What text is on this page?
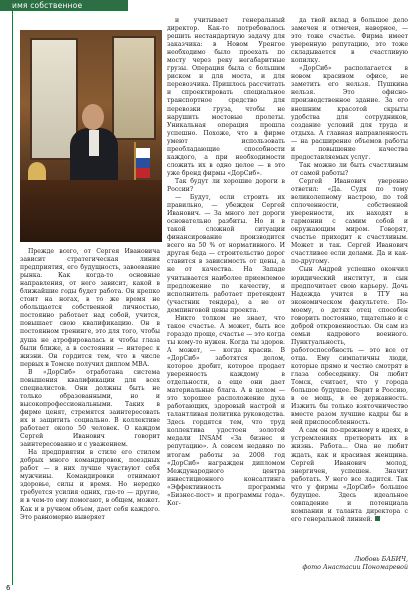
имя собственное

Прежде всего, от Сергея Ивановича зависит стратегическая линия предприятия, его будущность, завоевание рынка. Как когда-то основные направления, от него зависит, какой в ближайшие годы будет работа. Он крепко стоит на ногах, в то же время не обольщается собственной личностью, постоянно работает над собой, учится, повышает свою квалификацию. Он в постоянном тренинге, это для того, чтобы душа не атрофировалась и чтобы глаза были ближе, а в состоянии — интерес к жизни. Он гордится тем, что в числе первых в Томске получил диплом МВА.

В «ДорСиб» отработана система повышения квалификации для всех специалистов. Они должны быть не только образованными, но и высокопрофессиональными. Таких в фирме ценят, стремятся заинтересовать их и защитить социально. В коллективе работает около 50 человек. О каждом Сергей Иванович говорит заинтересованно и с уважением.

На предприятии в стиле его стилем добрых много командировок, поездных работ — в них лучше чувствуют себя мужчины. Командировки отнимают здоровье, силы и время. Но нередко требуется усилия одних, где-то — другие, и в чем-то ему помогают, в общем, может. Как и в ручном объем, дает себя каждого. Это равномерно выверяет

и учитывает генеральный директор. Как-то потребовалось решить нестандартную задачу для заказчика: в Новом Уренгое необходимо было проехать по мосту через реку негабаритные грузы. Операция была с большим риском и для моста, и для перевозчика. Пришлось рассчитать и спроектировать специальное транспортное средство для перевозки груза, чтобы не нарушить мостовые пролеты. Уникальная операция прошла успешно. Похоже, что в фирме умеют использовать преобладающие способности каждого, а при необходимости сложить их в одно целое — в это уже бренд фирмы «ДорСиб».

Так будут ли хорошие дороги в России?

— Будут, если строить их правильно, — убежден Сергей Иванович. — За много лет дороги основательно разбиты. Но и в такой сложной ситуации финансирование производится всего на 50 % от нормативного. И другая беда — строительство дорог ставится в зависимость от цены, а не от качества. На Западе учитывается наиболее приемлемое предложение по качеству, и исполнитель работает претендент (участник тендера), а не от демпинговой цены проекта.

Никто толком не знает, что такое счастье. А может, быть все гораздо проще, счастье — это когда ты кому-то нужен. Когда ты здоров. А может, — когда красив. В «ДорСиб» заботятся делом, которое дробит, которое продает уверенность каждому в отдельности, а еще они дает материальные блага. А в целом — это хорошее расположение духа работающих, здоровый настрой и талантливая политика руководства. Здесь гордятся тем, что труд коллектива удостоен золотой медали INSAM «За бизнес и репутацию». А совсем недавно по итогам работы за 2008 год «ДорСиб» награжден дипломом Международного центра инвестиционного консалтинга «Эффективность программы «Бизнес-пост» и программы года». Ког-

да твой вклад в большое дело замечен и отмечен, наверное, — это тоже счастье. Фирма имеет уверенную репутацию, это тоже складывается в счастливую копилку.

«ДорСиб» располагается в новом красивом офисе, не заметить его нельзя. Пушкина нельзя. Это офисно-производственное здание. За его внешним красотой скрыты удобства для сотрудников, создание условий для труда и отдыха. А главная направленность — на расширение объемов работы и повышение качества предоставляемых услуг.

Так можно ли быть счастливым от самой работы?

Сергей Иванович уверенно ответил: «Да. Судя по тому великолепному настрою, по той сплоченности, собственной уверенности, их находят в гармонии с самим собой и окружающим миром. Говорят, счастье приходит к счастливым. Может и так. Сергей Иванович счастливее если делами. Да и как-по-другому.

Сын Андрей успешно окончил юридический институт, и сын предпочитает свою карьеру. Дочь Надежда учится в ТГУ на экономическом факультете. По-моему, о детях отец способен говорить постоянно, тщательно и с доброй откровенностью. Он сам из семьи кадрового военного. Пунктуальность, работоспособность — это все от отца. Ему симпатичны люди, которые прямо и честно смотрят в глаза собеседнику. Он любит Томск, считает, что у города большое будущее. Верит в Россию, в ее мощь, в ее державность. Изжить бы только взяточничество вместе разом лучшие кадры бы в ней приспособленность.

А сам он по-прежнему в идеях, в устремлениях претворить их в жизнь. Работа... Она не любит ждать, как и красивая женщина. Сергей Иванович молод, энергичен, успешен. Значит работать. У него все ладится. Так что у фирмы «ДорСиб» большое будущее. Здесь идеальное совпадение и потенциала компании и таланта директора с его генеральной линией.

Любовь БАБИЧ,
фото Анастасии Пономаревой
6
